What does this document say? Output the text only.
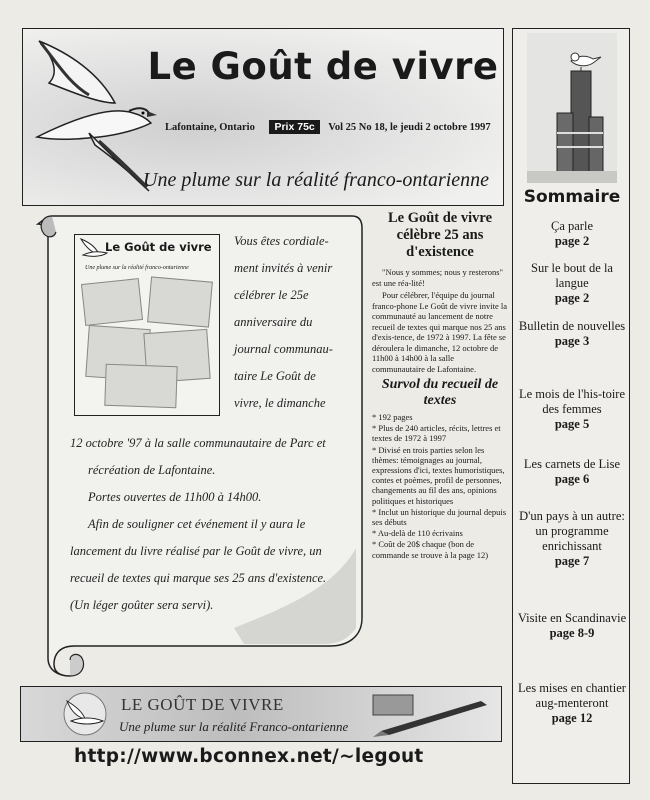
Le Goût de vivre
Lafontaine, Ontario Prix 75c Vol 25 No 18, le jeudi 2 octobre 1997
Une plume sur la réalité franco-ontarienne
Sommaire
Ça parle
page 2
Sur le bout de la langue
page 2
Bulletin de nouvelles
page 3
Le mois de l'his-toire des femmes
page 5
Les carnets de Lise
page 6
D'un pays à un autre: un programme enrichissant
page 7
Visite en Scandinavie
page 8-9
Les mises en chantier aug-menteront
page 12
Le Goût de vivre
Une plume sur la réalité franco-ontarienne
Vous êtes cordiale-
ment invités à venir
célébrer le 25e
anniversaire du
journal communau-
taire Le Goût de
vivre, le dimanche
12 octobre '97 à la salle communautaire de Parc et
récréation de Lafontaine.
Portes ouvertes de 11h00 à 14h00.
Afin de souligner cet événement il y aura le
lancement du livre réalisé par le Goût de vivre, un
recueil de textes qui marque ses 25 ans d'existence.
(Un léger goûter sera servi).
Le Goût de vivre célèbre 25 ans d'existence
"Nous y sommes; nous y resterons" est une réa-lité!
Pour célébrer, l'équipe du journal franco-phone Le Goût de vivre invite la communauté au lancement de notre recueil de textes qui marque nos 25 ans d'exis-tence, de 1972 à 1997. La fête se déroulera le dimanche, 12 octobre de 11h00 à 14h00 à la salle communautaire de Lafontaine.
Survol du recueil de textes
* 192 pages
* Plus de 240 articles, récits, lettres et textes de 1972 à 1997
* Divisé en trois parties selon les thèmes: témoignages au journal, expressions d'ici, textes humoristiques, contes et poèmes, profil de personnes, changements au fil des ans, opinions politiques et historiques
* Inclut un historique du journal depuis ses débuts
* Au-delà de 110 écrivains
* Coût de 20$ chaque (bon de commande se trouve à la page 12)
LE GOÛT DE VIVRE
Une plume sur la réalité Franco-ontarienne
http://www.bconnex.net/~legout
